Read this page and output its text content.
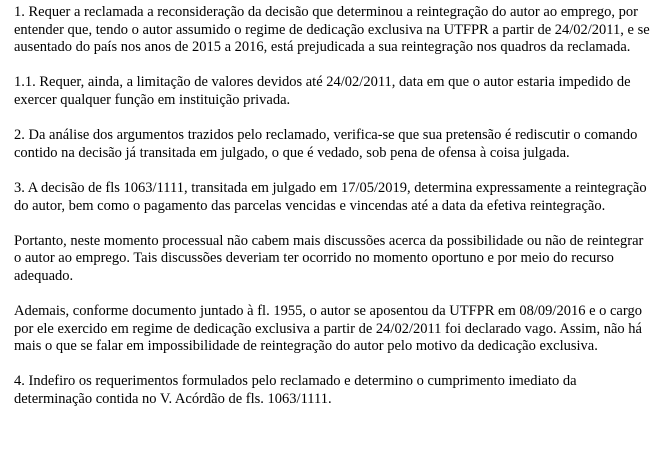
1. Requer a reclamada a reconsideração da decisão que determinou a reintegração do autor ao emprego, por entender que, tendo o autor assumido o regime de dedicação exclusiva na UTFPR a partir de 24/02/2011, e se ausentado do país nos anos de 2015 a 2016, está prejudicada a sua reintegração nos quadros da reclamada.

1.1. Requer, ainda, a limitação de valores devidos até 24/02/2011, data em que o autor estaria impedido de exercer qualquer função em instituição privada.

2. Da análise dos argumentos trazidos pelo reclamado, verifica-se que sua pretensão é rediscutir o comando contido na decisão já transitada em julgado, o que é vedado, sob pena de ofensa à coisa julgada.

3. A decisão de fls 1063/1111, transitada em julgado em 17/05/2019, determina expressamente a reintegração do autor, bem como o pagamento das parcelas vencidas e vincendas até a data da efetiva reintegração.

Portanto, neste momento processual não cabem mais discussões acerca da possibilidade ou não de reintegrar o autor ao emprego. Tais discussões deveriam ter ocorrido no momento oportuno e por meio do recurso adequado.

Ademais, conforme documento juntado à fl. 1955, o autor se aposentou da UTFPR em 08/09/2016 e o cargo por ele exercido em regime de dedicação exclusiva a partir de 24/02/2011 foi declarado vago. Assim, não há mais o que se falar em impossibilidade de reintegração do autor pelo motivo da dedicação exclusiva.

4. Indefiro os requerimentos formulados pelo reclamado e determino o cumprimento imediato da determinação contida no V. Acórdão de fls. 1063/1111.
